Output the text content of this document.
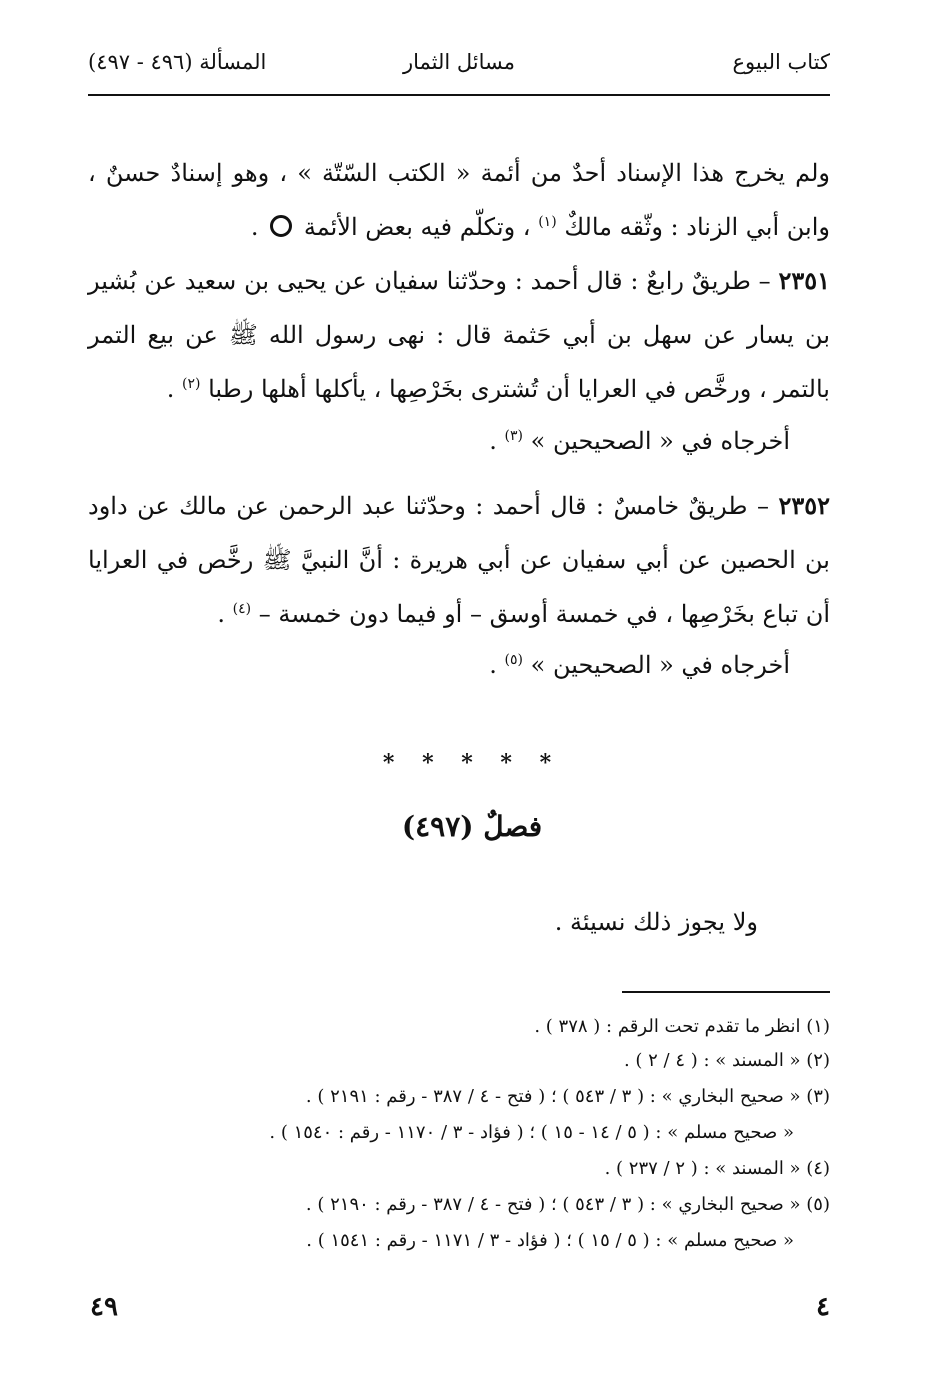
كتاب البيوع
مسائل الثمار
المسألة (٤٩٦ - ٤٩٧)
ولم يخرج هذا الإسناد أحدٌ من أئمة « الكتب السّتّة » ، وهو إسنادٌ حسنٌ ، وابن أبي الزناد : وثّقه مالكٌ $^{(١)}$ ، وتكلّم فيه بعض الأئمة  .
٢٣٥١ – طريقٌ رابعٌ : قال أحمد : وحدّثنا سفيان عن يحيى بن سعيد عن بُشير بن يسار عن سهل بن أبي حَثمة قال : نهى رسول الله ﷺ عن بيع التمر بالتمر ، ورخَّص في العرايا أن تُشترى بخَرْصِها ، يأكلها أهلها رطبا $^{(٢)}$ .
أخرجاه في « الصحيحين » $^{(٣)}$ .
٢٣٥٢ – طريقٌ خامسٌ : قال أحمد : وحدّثنا عبد الرحمن عن مالك عن داود بن الحصين عن أبي سفيان عن أبي هريرة : أنَّ النبيَّ ﷺ رخَّص في العرايا أن تباع بخَرْصِها ، في خمسة أوسق – أو فيما دون خمسة – $^{(٤)}$ .
أخرجاه في « الصحيحين » $^{(٥)}$ .
* * * * *
فصلٌ (٤٩٧)
ولا يجوز ذلك نسيئة .
(١) انظر ما تقدم تحت الرقم : ( ٣٧٨ ) .
(٢) « المسند » : ( ٤ / ٢ ) .
(٣) « صحيح البخاري » : ( ٣ / ٥٤٣ ) ؛ ( فتح - ٤ / ٣٨٧ - رقم : ٢١٩١ ) .
« صحيح مسلم » : ( ٥ / ١٤ - ١٥ ) ؛ ( فؤاد - ٣ / ١١٧٠ - رقم : ١٥٤٠ ) .
(٤) « المسند » : ( ٢ / ٢٣٧ ) .
(٥) « صحيح البخاري » : ( ٣ / ٥٤٣ ) ؛ ( فتح - ٤ / ٣٨٧ - رقم : ٢١٩٠ ) .
« صحيح مسلم » : ( ٥ / ١٥ ) ؛ ( فؤاد - ٣ / ١١٧١ - رقم : ١٥٤١ ) .
٤
٤٩
